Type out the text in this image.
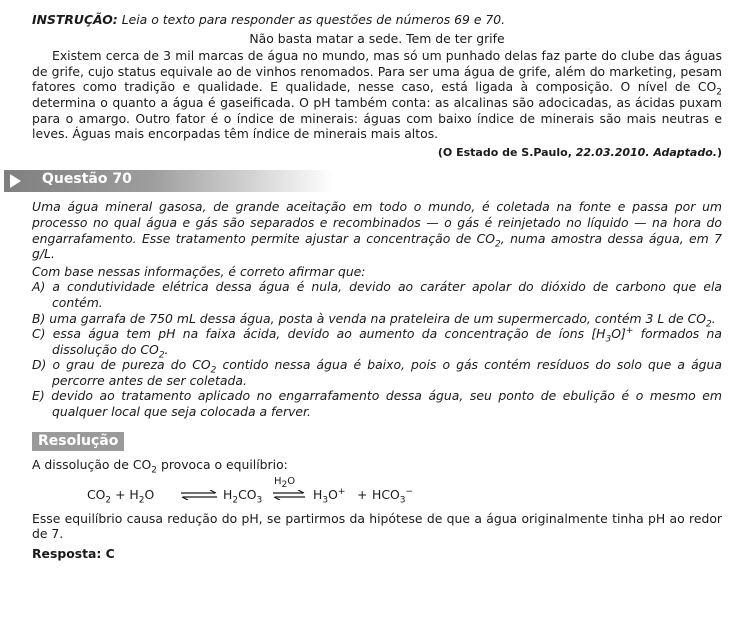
INSTRUÇÃO: Leia o texto para responder as questões de números 69 e 70.
Não basta matar a sede. Tem de ter grife
Existem cerca de 3 mil marcas de água no mundo, mas só um punhado delas faz parte do clube das águas de grife, cujo status equivale ao de vinhos renomados. Para ser uma água de grife, além do marketing, pesam fatores como tradição e qualidade. E qualidade, nesse caso, está ligada à composição. O nível de $CO_2$ determina o quanto a água é gaseificada. O pH também conta: as alcalinas são adocicadas, as ácidas puxam para o amargo. Outro fator é o índice de minerais: águas com baixo índice de minerais são mais neutras e leves. Águas mais encorpadas têm índice de minerais mais altos.
(O Estado de S.Paulo, 22.03.2010. Adaptado.)
Questão 70
Uma água mineral gasosa, de grande aceitação em todo o mundo, é coletada na fonte e passa por um processo no qual água e gás são separados e recombinados — o gás é reinjetado no líquido — na hora do engarrafamento. Esse tratamento permite ajustar a concentração de $CO_2$, numa amostra dessa água, em 7 g/L.
Com base nessas informações, é correto afirmar que:
A) a condutividade elétrica dessa água é nula, devido ao caráter apolar do dióxido de carbono que ela contém.
B) uma garrafa de 750 mL dessa água, posta à venda na prateleira de um supermercado, contém 3 L de $CO_2$.
C) essa água tem pH na faixa ácida, devido ao aumento da concentração de íons $[H_3O]^+$ formados na dissolução do $CO_2$.
D) o grau de pureza do $CO_2$ contido nessa água é baixo, pois o gás contém resíduos do solo que a água percorre antes de ser coletada.
E) devido ao tratamento aplicado no engarrafamento dessa água, seu ponto de ebulição é o mesmo em qualquer local que seja colocada a ferver.
Resolução
A dissolução de $CO_2$ provoca o equilíbrio:
$CO_2 + H_2O$ ⇌ $H_2CO_3$
$H_2O$
⇌ $H_3O^+ + HCO_3^-$
Esse equilíbrio causa redução do pH, se partirmos da hipótese de que a água originalmente tinha pH ao redor de 7.
Resposta: C
